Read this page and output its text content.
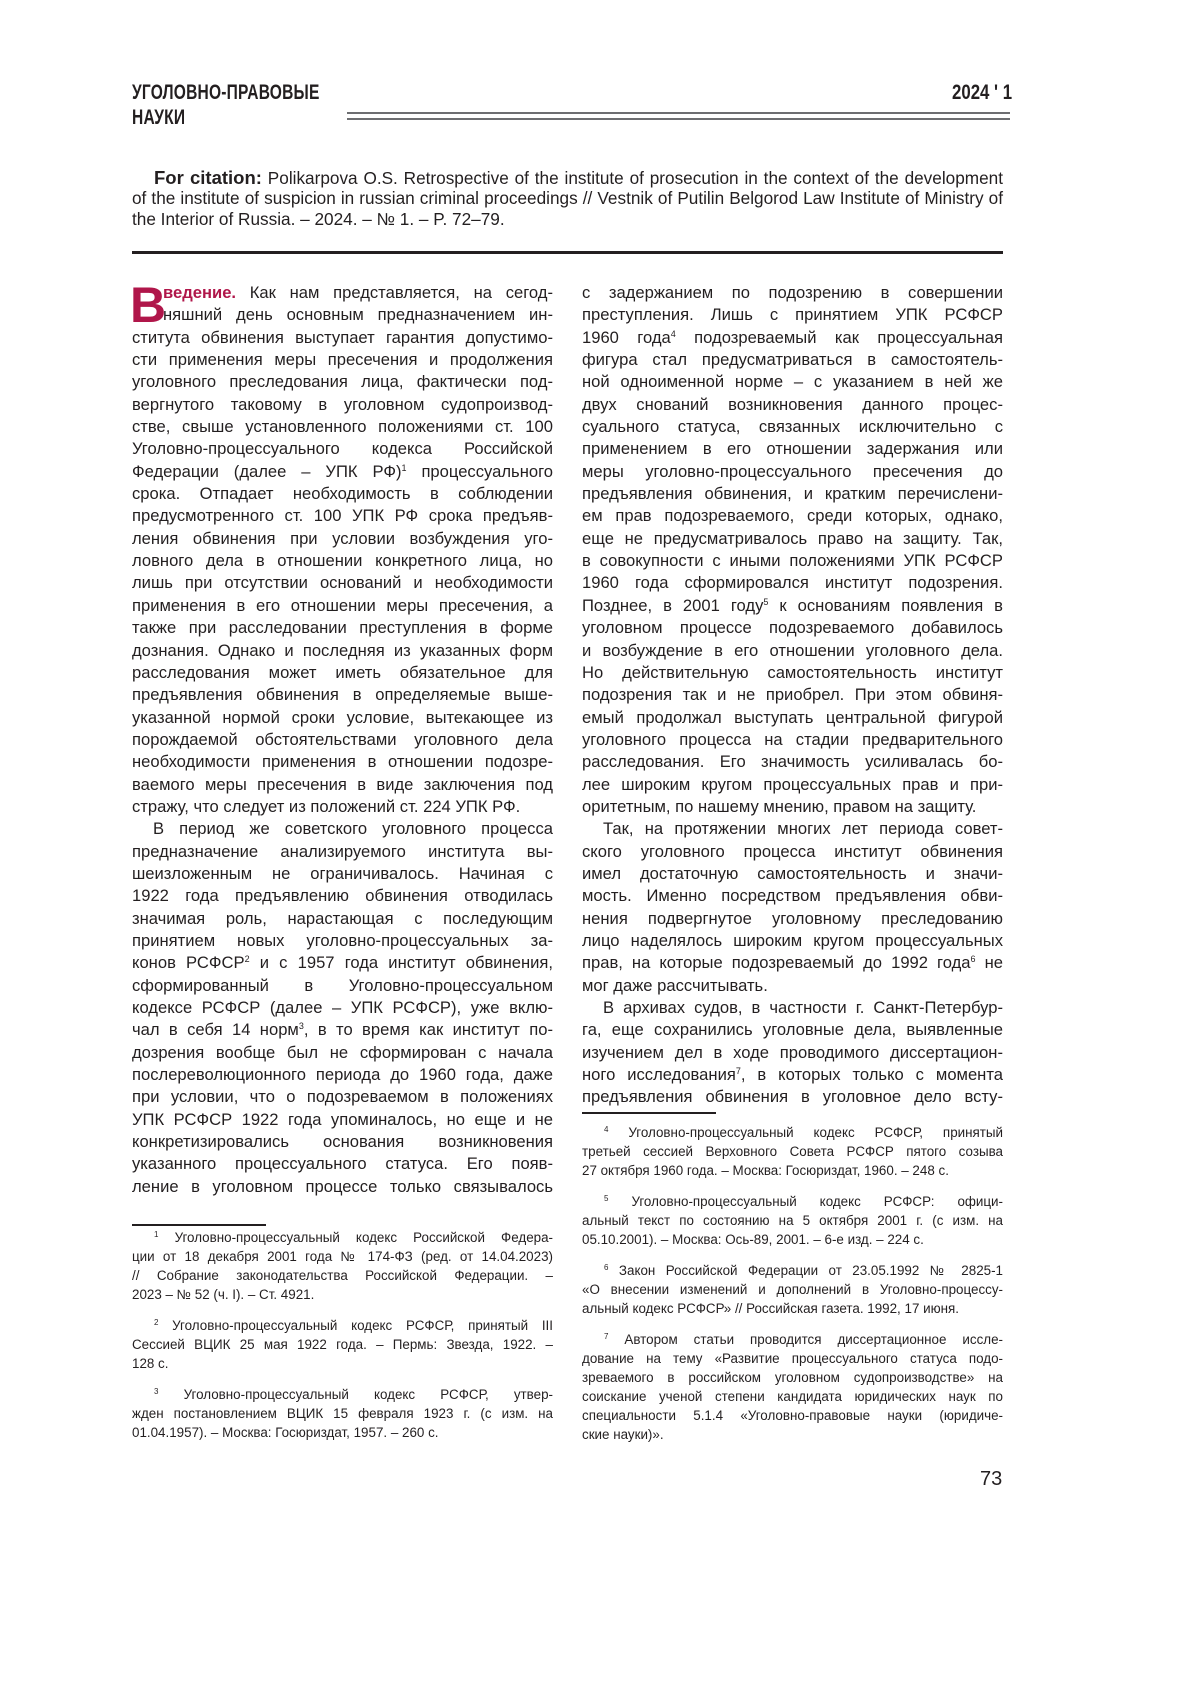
УГОЛОВНО-ПРАВОВЫЕ
НАУКИ
2024 ' 1
For citation: Polikarpova O.S. Retrospective of the institute of prosecution in the context of the development of the institute of suspicion in russian criminal proceedings // Vestnik of Putilin Belgorod Law Institute of Ministry of the Interior of Russia. – 2024. – № 1. – P. 72–79.
В
ведение. Как нам представляется, на сегод-
няшний день основным предназначением ин-
ститута обвинения выступает гарантия допустимо-
сти применения меры пресечения и продолжения
уголовного преследования лица, фактически под-
вергнутого таковому в уголовном судопроизвод-
стве, свыше установленного положениями ст. 100
Уголовно-процессуального кодекса Российской
Федерации (далее – УПК РФ)1 процессуального
срока. Отпадает необходимость в соблюдении
предусмотренного ст. 100 УПК РФ срока предъяв-
ления обвинения при условии возбуждения уго-
ловного дела в отношении конкретного лица, но
лишь при отсутствии оснований и необходимости
применения в его отношении меры пресечения, а
также при расследовании преступления в форме
дознания. Однако и последняя из указанных форм
расследования может иметь обязательное для
предъявления обвинения в определяемые выше-
указанной нормой сроки условие, вытекающее из
порождаемой обстоятельствами уголовного дела
необходимости применения в отношении подозре-
ваемого меры пресечения в виде заключения под
стражу, что следует из положений ст. 224 УПК РФ.
В период же советского уголовного процесса
предназначение анализируемого института вы-
шеизложенным не ограничивалось. Начиная с
1922 года предъявлению обвинения отводилась
значимая роль, нарастающая с последующим
принятием новых уголовно-процессуальных за-
конов РСФСР2 и с 1957 года институт обвинения,
сформированный в Уголовно-процессуальном
кодексе РСФСР (далее – УПК РСФСР), уже вклю-
чал в себя 14 норм3, в то время как институт по-
дозрения вообще был не сформирован с начала
послереволюционного периода до 1960 года, даже
при условии, что о подозреваемом в положениях
УПК РСФСР 1922 года упоминалось, но еще и не
конкретизировались основания возникновения
указанного процессуального статуса. Его появ-
ление в уголовном процессе только связывалось
с задержанием по подозрению в совершении
преступления. Лишь с принятием УПК РСФСР
1960 года4 подозреваемый как процессуальная
фигура стал предусматриваться в самостоятель-
ной одноименной норме – с указанием в ней же
двух снований возникновения данного процес-
суального статуса, связанных исключительно с
применением в его отношении задержания или
меры уголовно-процессуального пресечения до
предъявления обвинения, и кратким перечислени-
ем прав подозреваемого, среди которых, однако,
еще не предусматривалось право на защиту. Так,
в совокупности с иными положениями УПК РСФСР
1960 года сформировался институт подозрения.
Позднее, в 2001 году5 к основаниям появления в
уголовном процессе подозреваемого добавилось
и возбуждение в его отношении уголовного дела.
Но действительную самостоятельность институт
подозрения так и не приобрел. При этом обвиня-
емый продолжал выступать центральной фигурой
уголовного процесса на стадии предварительного
расследования. Его значимость усиливалась бо-
лее широким кругом процессуальных прав и при-
оритетным, по нашему мнению, правом на защиту.
Так, на протяжении многих лет периода совет-
ского уголовного процесса институт обвинения
имел достаточную самостоятельность и значи-
мость. Именно посредством предъявления обви-
нения подвергнутое уголовному преследованию
лицо наделялось широким кругом процессуальных
прав, на которые подозреваемый до 1992 года6 не
мог даже рассчитывать.
В архивах судов, в частности г. Санкт-Петербур-
га, еще сохранились уголовные дела, выявленные
изучением дел в ходе проводимого диссертацион-
ного исследования7, в которых только с момента
предъявления обвинения в уголовное дело всту-
1 Уголовно-процессуальный кодекс Российской Федера-
ции от 18 декабря 2001 года № 174-ФЗ (ред. от 14.04.2023)
// Собрание законодательства Российской Федерации. –
2023 – № 52 (ч. I). – Ст. 4921.
2 Уголовно-процессуальный кодекс РСФСР, принятый III
Сессией ВЦИК 25 мая 1922 года. – Пермь: Звезда, 1922. –
128 с.
3 Уголовно-процессуальный кодекс РСФСР, утвер-
жден постановлением ВЦИК 15 февраля 1923 г. (с изм. на
01.04.1957). – Москва: Госюриздат, 1957. – 260 с.
4 Уголовно-процессуальный кодекс РСФСР, принятый
третьей сессией Верховного Совета РСФСР пятого созыва
27 октября 1960 года. – Москва: Госюриздат, 1960. – 248 с.
5 Уголовно-процессуальный кодекс РСФСР: офици-
альный текст по состоянию на 5 октября 2001 г. (с изм. на
05.10.2001). – Москва: Ось-89, 2001. – 6-е изд. – 224 с.
6 Закон Российской Федерации от 23.05.1992 № 2825-1
«О внесении изменений и дополнений в Уголовно-процессу-
альный кодекс РСФСР» // Российская газета. 1992, 17 июня.
7 Автором статьи проводится диссертационное иссле-
дование на тему «Развитие процессуального статуса подо-
зреваемого в российском уголовном судопроизводстве» на
соискание ученой степени кандидата юридических наук по
специальности 5.1.4 «Уголовно-правовые науки (юридиче-
ские науки)».
73
